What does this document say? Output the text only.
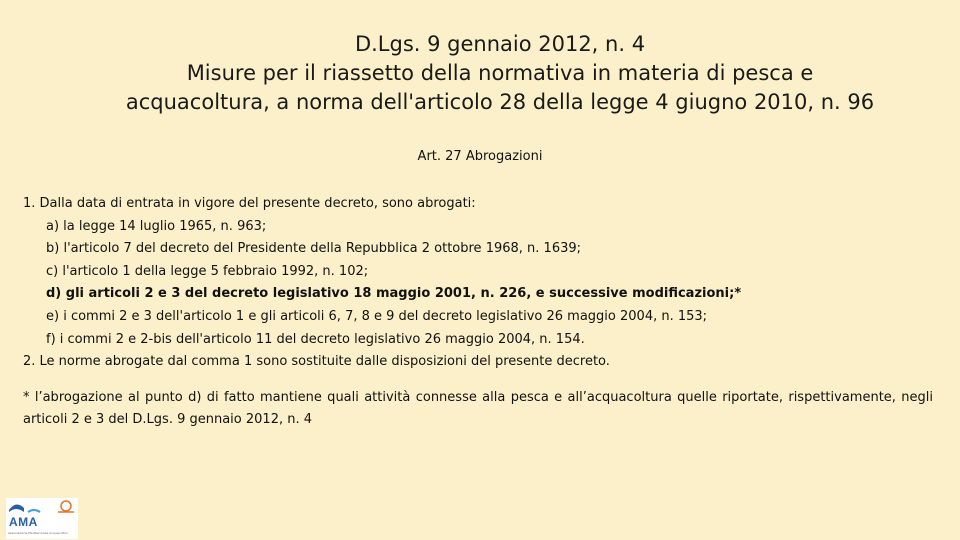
D.Lgs. 9 gennaio 2012, n. 4
Misure per il riassetto della normativa in materia di pesca e
acquacoltura, a norma dell'articolo 28 della legge 4 giugno 2010, n. 96
Art. 27 Abrogazioni
1. Dalla data di entrata in vigore del presente decreto, sono abrogati:
a) la legge 14 luglio 1965, n. 963;
b) l'articolo 7 del decreto del Presidente della Repubblica 2 ottobre 1968, n. 1639;
c) l'articolo 1 della legge 5 febbraio 1992, n. 102;
d) gli articoli 2 e 3 del decreto legislativo 18 maggio 2001, n. 226, e successive modificazioni;*
e) i commi 2 e 3 dell'articolo 1 e gli articoli 6, 7, 8 e 9 del decreto legislativo 26 maggio 2004, n. 153;
f) i commi 2 e 2-bis dell'articolo 11 del decreto legislativo 26 maggio 2004, n. 154.
2. Le norme abrogate dal comma 1 sono sostituite dalle disposizioni del presente decreto.
* l’abrogazione al punto d) di fatto mantiene quali attività connesse alla pesca e all’acquacoltura quelle riportate, rispettivamente, negli articoli 2 e 3 del D.Lgs. 9 gennaio 2012, n. 4
AMA
Associazione Mediterranea Acquacoltori
